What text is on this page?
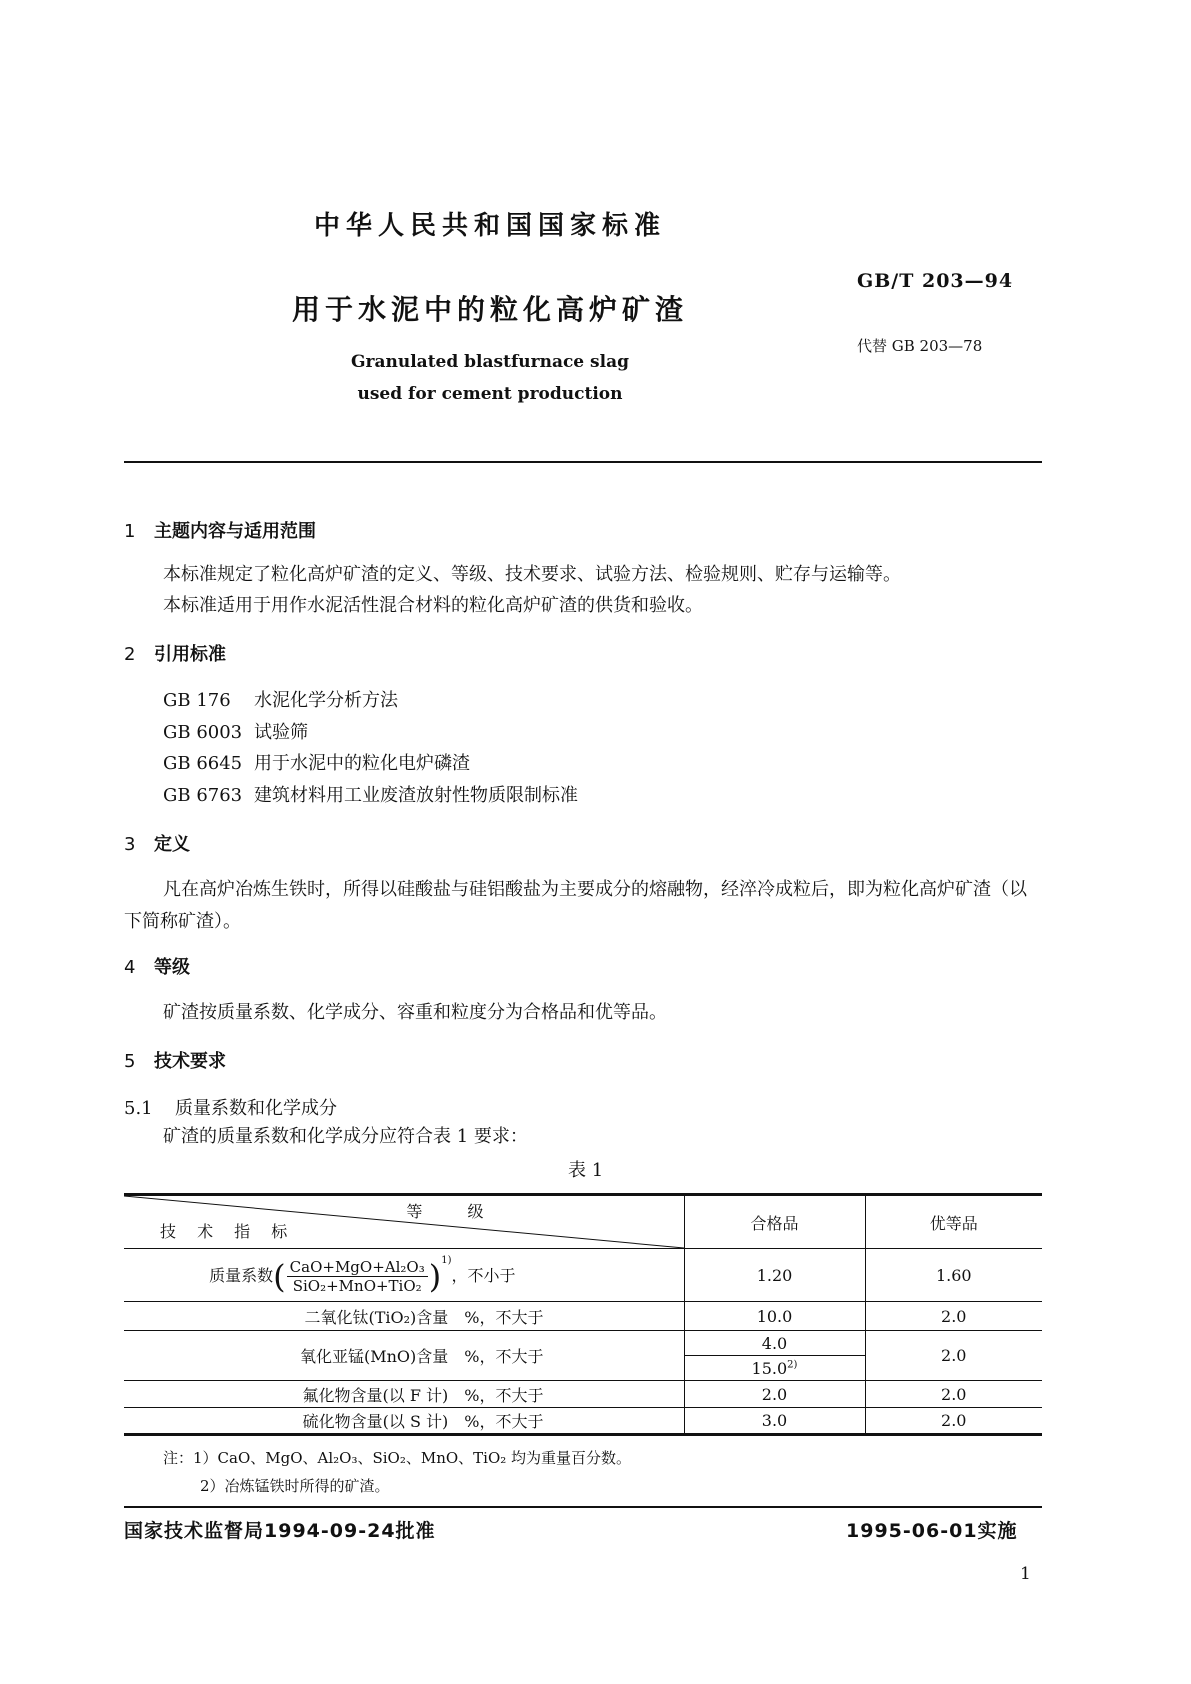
中华人民共和国国家标准
GB/T 203—94
用于水泥中的粒化高炉矿渣
代替 GB 203—78
Granulated blastfurnace slag
used for cement production
1 主题内容与适用范围
本标准规定了粒化高炉矿渣的定义、等级、技术要求、试验方法、检验规则、贮存与运输等。
本标准适用于用作水泥活性混合材料的粒化高炉矿渣的供货和验收。
2 引用标准
GB 176 水泥化学分析方法
GB 6003 试验筛
GB 6645 用于水泥中的粒化电炉磷渣
GB 6763 建筑材料用工业废渣放射性物质限制标准
3 定义
凡在高炉冶炼生铁时，所得以硅酸盐与硅铝酸盐为主要成分的熔融物，经淬冷成粒后，即为粒化高炉矿渣（以下简称矿渣）。
4 等级
矿渣按质量系数、化学成分、容重和粒度分为合格品和优等品。
5 技术要求
5.1 质量系数和化学成分
矿渣的质量系数和化学成分应符合表 1 要求：
表 1
等 级
技 术 指 标	合格品	优等品
质量系数( $\frac{\text{CaO+MgO+Al₂O₃}}{\text{SiO₂+MnO+TiO₂}} )^{1)}$，不小于	1.20	1.60
二氧化钛(TiO₂)含量　%，不大于	10.0	2.0
氧化亚锰(MnO)含量　%，不大于	4.0	2.0
	15.0$^{2)}$
氟化物含量(以 F 计)　%，不大于	2.0	2.0
硫化物含量(以 S 计)　%，不大于	3.0	2.0
注：1）CaO、MgO、Al₂O₃、SiO₂、MnO、TiO₂ 均为重量百分数。
2）冶炼锰铁时所得的矿渣。
国家技术监督局1994-09-24批准	1995-06-01实施
1
